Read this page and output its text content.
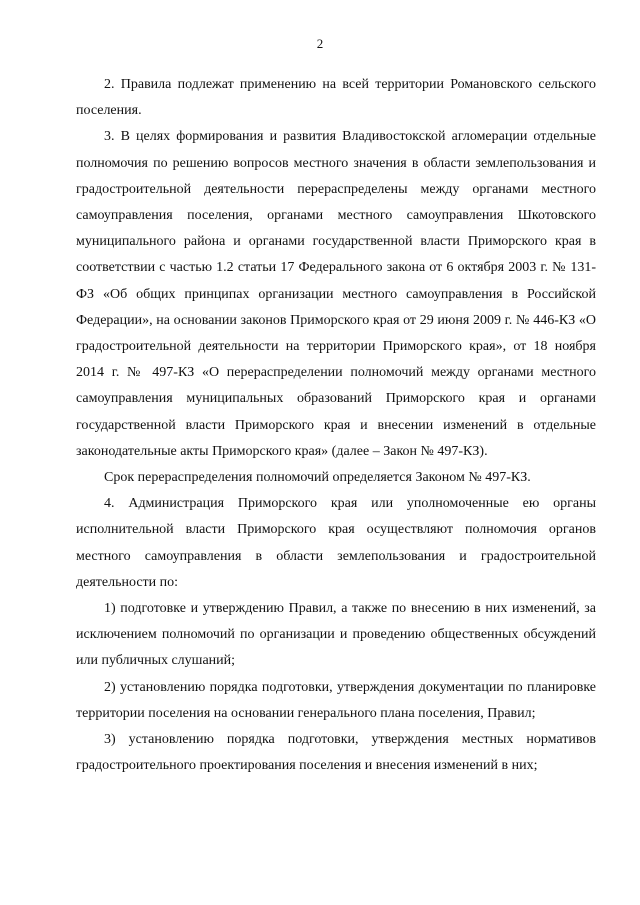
2

2. Правила подлежат применению на всей территории Романовского сельского поселения.

3. В целях формирования и развития Владивостокской агломерации отдельные полномочия по решению вопросов местного значения в области землепользования и градостроительной деятельности перераспределены между органами местного самоуправления поселения, органами местного самоуправления Шкотовского муниципального района и органами государственной власти Приморского края в соответствии с частью 1.2 статьи 17 Федерального закона от 6 октября 2003 г. № 131-ФЗ «Об общих принципах организации местного самоуправления в Российской Федерации», на основании законов Приморского края от 29 июня 2009 г. № 446-КЗ «О градостроительной деятельности на территории Приморского края», от 18 ноября 2014 г. № 497-КЗ «О перераспределении полномочий между органами местного самоуправления муниципальных образований Приморского края и органами государственной власти Приморского края и внесении изменений в отдельные законодательные акты Приморского края» (далее – Закон № 497-КЗ).

Срок перераспределения полномочий определяется Законом № 497-КЗ.

4. Администрация Приморского края или уполномоченные ею органы исполнительной власти Приморского края осуществляют полномочия органов местного самоуправления в области землепользования и градостроительной деятельности по:

1) подготовке и утверждению Правил, а также по внесению в них изменений, за исключением полномочий по организации и проведению общественных обсуждений или публичных слушаний;

2) установлению порядка подготовки, утверждения документации по планировке территории поселения на основании генерального плана поселения, Правил;

3) установлению порядка подготовки, утверждения местных нормативов градостроительного проектирования поселения и внесения изменений в них;
